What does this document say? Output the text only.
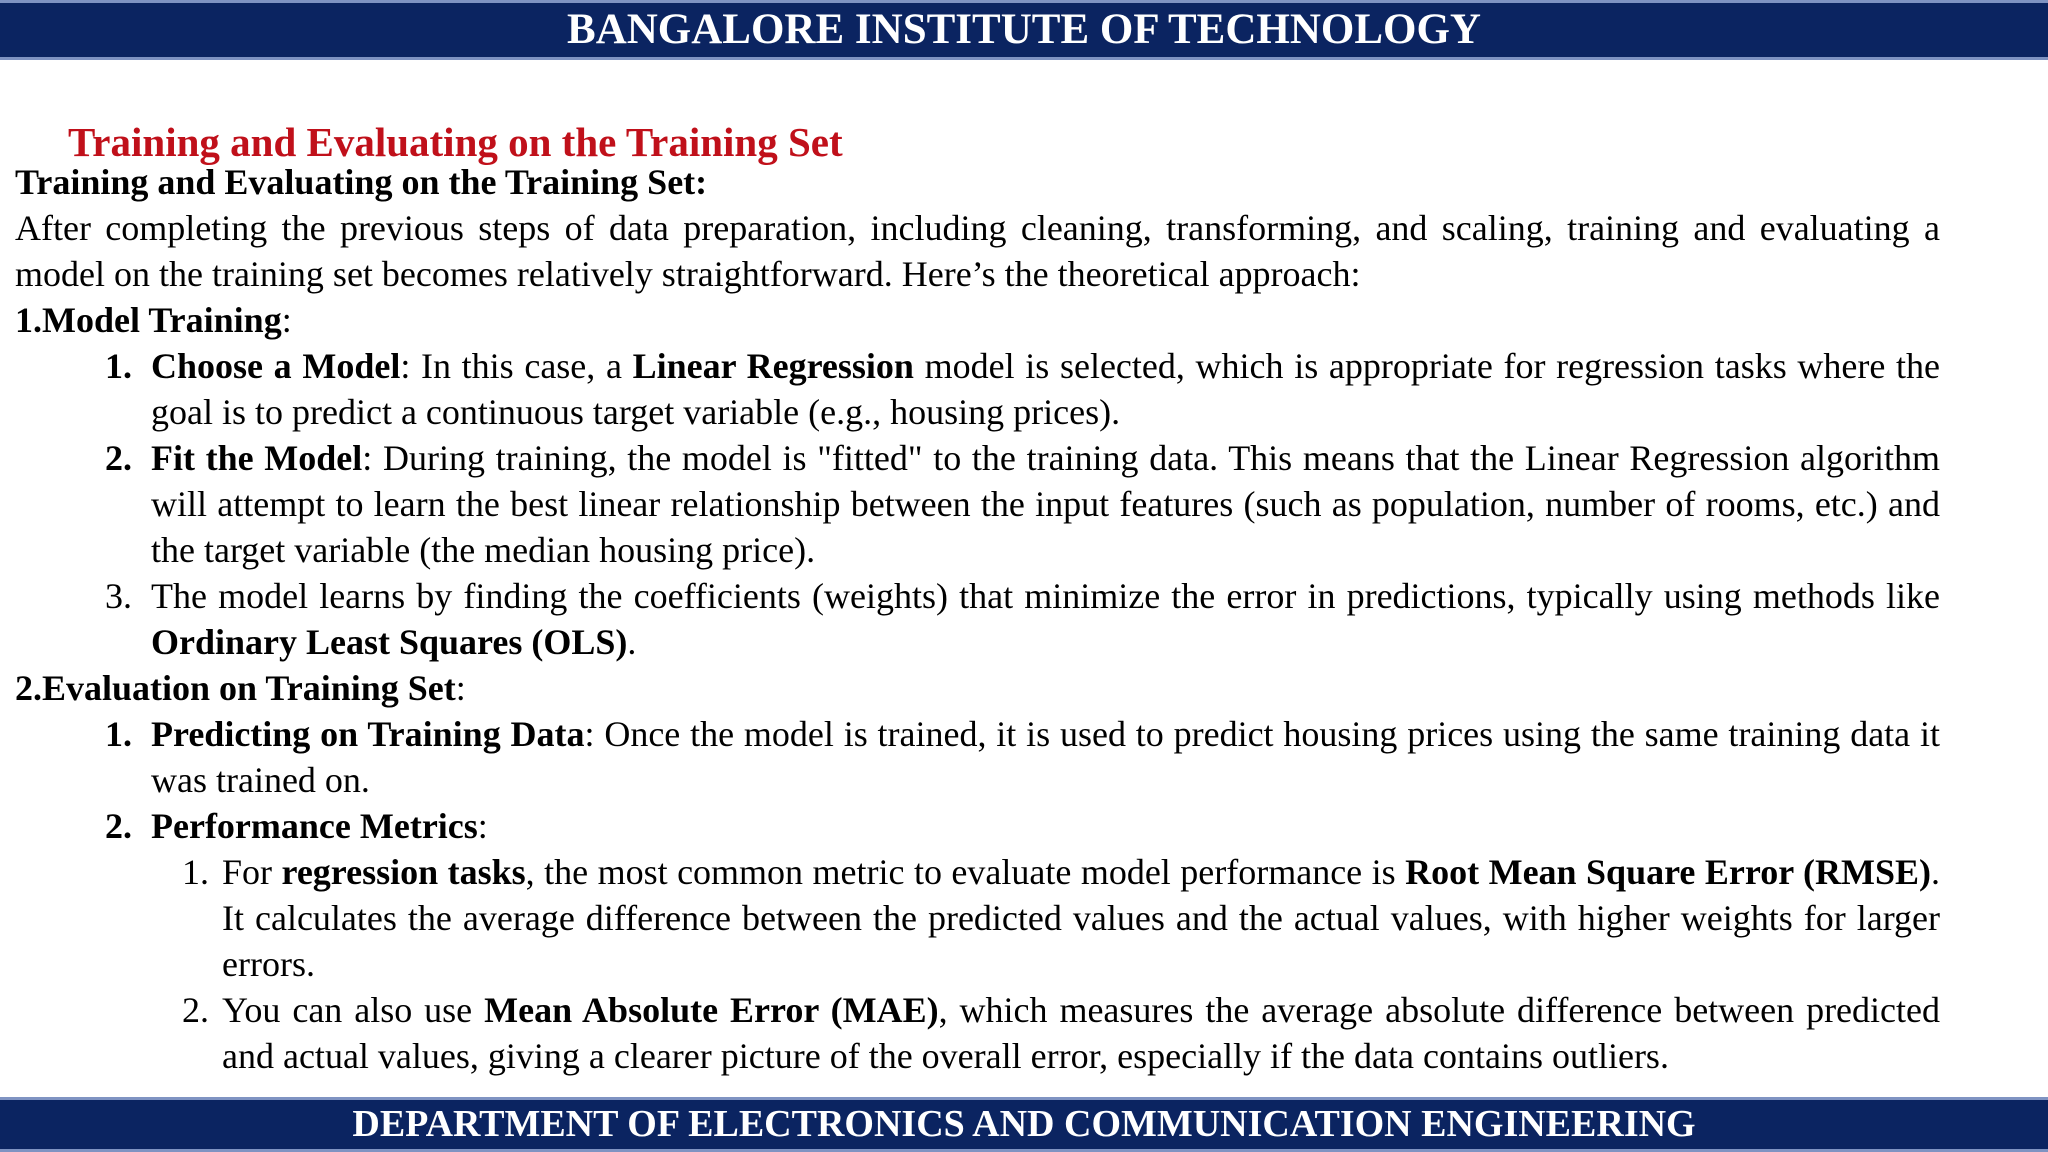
BANGALORE INSTITUTE OF TECHNOLOGY
Training and Evaluating on the Training Set

Training and Evaluating on the Training Set:

After completing the previous steps of data preparation, including cleaning, transforming, and scaling, training and evaluating a model on the training set becomes relatively straightforward. Here’s the theoretical approach:

1.Model Training:

1. Choose a Model: In this case, a Linear Regression model is selected, which is appropriate for regression tasks where the goal is to predict a continuous target variable (e.g., housing prices).
2. Fit the Model: During training, the model is "fitted" to the training data. This means that the Linear Regression algorithm will attempt to learn the best linear relationship between the input features (such as population, number of rooms, etc.) and the target variable (the median housing price).
3. The model learns by finding the coefficients (weights) that minimize the error in predictions, typically using methods like Ordinary Least Squares (OLS).

2.Evaluation on Training Set:

1. Predicting on Training Data: Once the model is trained, it is used to predict housing prices using the same training data it was trained on.
2. Performance Metrics:
1. For regression tasks, the most common metric to evaluate model performance is Root Mean Square Error (RMSE). It calculates the average difference between the predicted values and the actual values, with higher weights for larger errors.
2. You can also use Mean Absolute Error (MAE), which measures the average absolute difference between predicted and actual values, giving a clearer picture of the overall error, especially if the data contains outliers.
DEPARTMENT OF ELECTRONICS AND COMMUNICATION ENGINEERING
